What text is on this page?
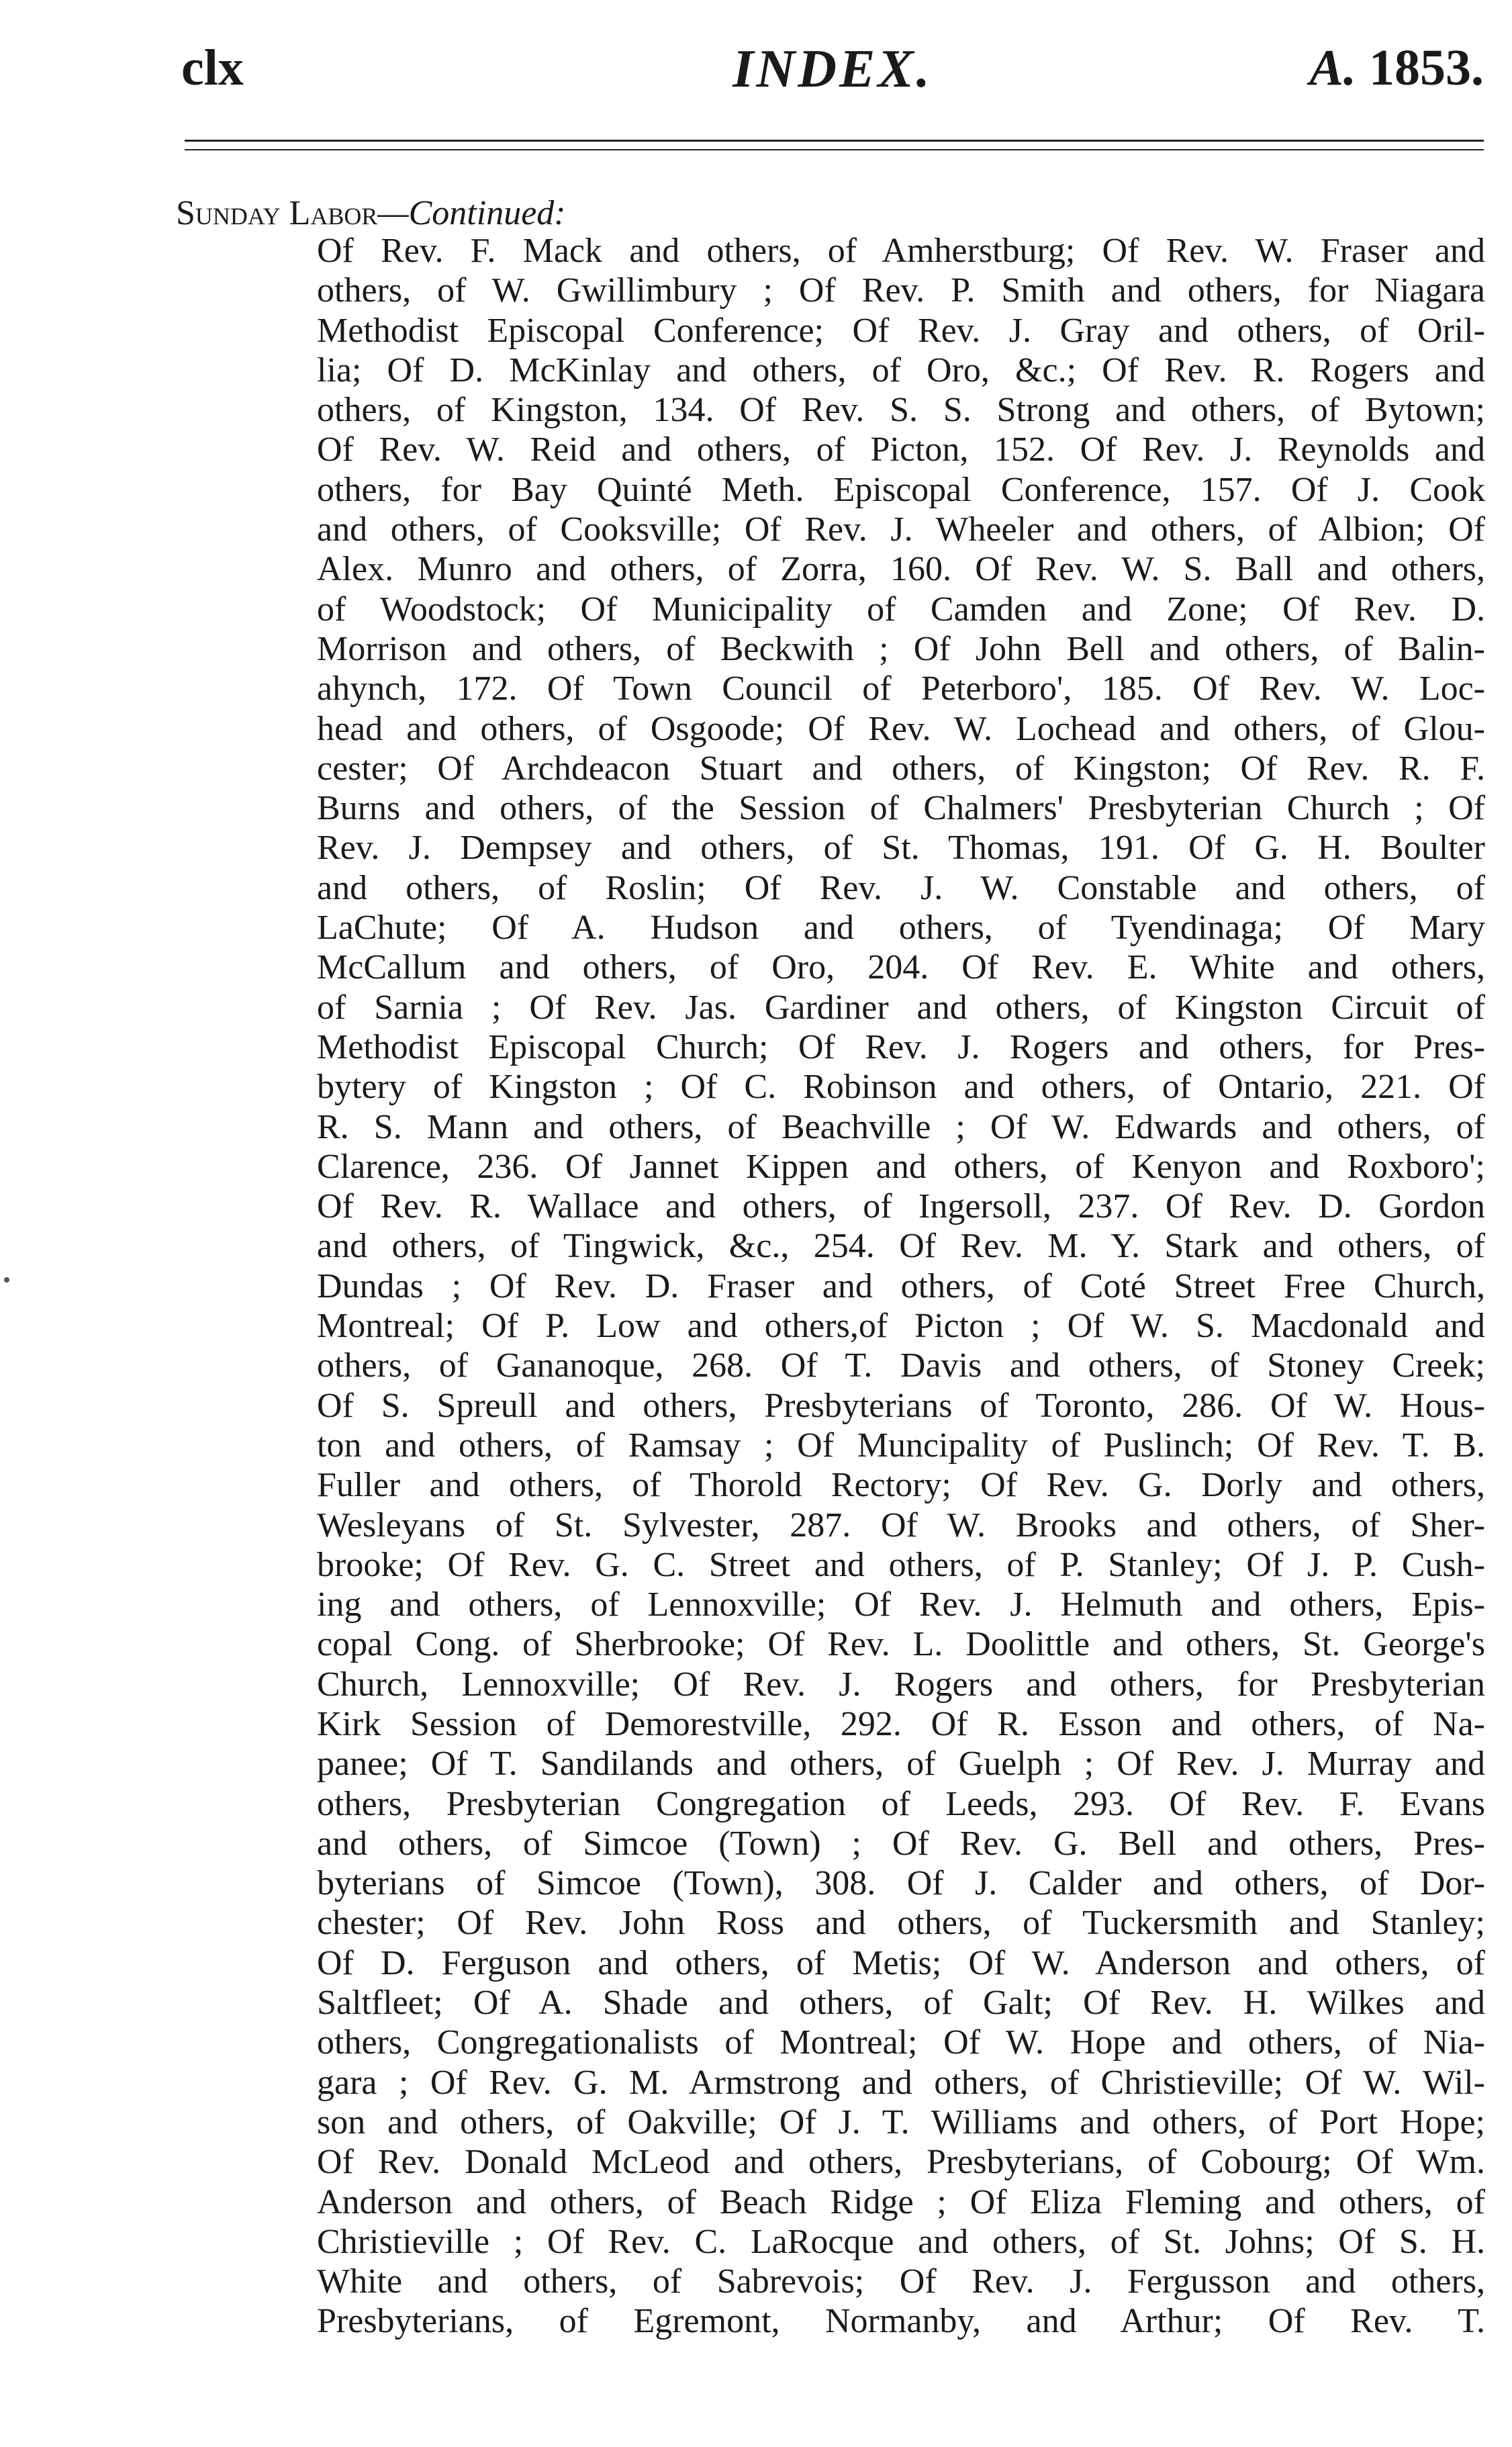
clx	INDEX.	A. 1853.
Sunday Labor—Continued:
Of Rev. F. Mack and others, of Amherstburg; Of Rev. W. Fraser and
others, of W. Gwillimbury ; Of Rev. P. Smith and others, for Niagara
Methodist Episcopal Conference; Of Rev. J. Gray and others, of Oril-
lia; Of D. McKinlay and others, of Oro, &c.; Of Rev. R. Rogers and
others, of Kingston, 134. Of Rev. S. S. Strong and others, of Bytown;
Of Rev. W. Reid and others, of Picton, 152. Of Rev. J. Reynolds and
others, for Bay Quinté Meth. Episcopal Conference, 157. Of J. Cook
and others, of Cooksville; Of Rev. J. Wheeler and others, of Albion; Of
Alex. Munro and others, of Zorra, 160. Of Rev. W. S. Ball and others,
of Woodstock; Of Municipality of Camden and Zone; Of Rev. D.
Morrison and others, of Beckwith ; Of John Bell and others, of Balin-
ahynch, 172. Of Town Council of Peterboro', 185. Of Rev. W. Loc-
head and others, of Osgoode; Of Rev. W. Lochead and others, of Glou-
cester; Of Archdeacon Stuart and others, of Kingston; Of Rev. R. F.
Burns and others, of the Session of Chalmers' Presbyterian Church ; Of
Rev. J. Dempsey and others, of St. Thomas, 191. Of G. H. Boulter
and others, of Roslin; Of Rev. J. W. Constable and others, of
LaChute; Of A. Hudson and others, of Tyendinaga; Of Mary
McCallum and others, of Oro, 204. Of Rev. E. White and others,
of Sarnia ; Of Rev. Jas. Gardiner and others, of Kingston Circuit of
Methodist Episcopal Church; Of Rev. J. Rogers and others, for Pres-
bytery of Kingston ; Of C. Robinson and others, of Ontario, 221. Of
R. S. Mann and others, of Beachville ; Of W. Edwards and others, of
Clarence, 236. Of Jannet Kippen and others, of Kenyon and Roxboro';
Of Rev. R. Wallace and others, of Ingersoll, 237. Of Rev. D. Gordon
and others, of Tingwick, &c., 254. Of Rev. M. Y. Stark and others, of
Dundas ; Of Rev. D. Fraser and others, of Coté Street Free Church,
Montreal; Of P. Low and others,of Picton ; Of W. S. Macdonald and
others, of Gananoque, 268. Of T. Davis and others, of Stoney Creek;
Of S. Spreull and others, Presbyterians of Toronto, 286. Of W. Hous-
ton and others, of Ramsay ; Of Muncipality of Puslinch; Of Rev. T. B.
Fuller and others, of Thorold Rectory; Of Rev. G. Dorly and others,
Wesleyans of St. Sylvester, 287. Of W. Brooks and others, of Sher-
brooke; Of Rev. G. C. Street and others, of P. Stanley; Of J. P. Cush-
ing and others, of Lennoxville; Of Rev. J. Helmuth and others, Epis-
copal Cong. of Sherbrooke; Of Rev. L. Doolittle and others, St. George's
Church, Lennoxville; Of Rev. J. Rogers and others, for Presbyterian
Kirk Session of Demorestville, 292. Of R. Esson and others, of Na-
panee; Of T. Sandilands and others, of Guelph ; Of Rev. J. Murray and
others, Presbyterian Congregation of Leeds, 293. Of Rev. F. Evans
and others, of Simcoe (Town) ; Of Rev. G. Bell and others, Pres-
byterians of Simcoe (Town), 308. Of J. Calder and others, of Dor-
chester; Of Rev. John Ross and others, of Tuckersmith and Stanley;
Of D. Ferguson and others, of Metis; Of W. Anderson and others, of
Saltfleet; Of A. Shade and others, of Galt; Of Rev. H. Wilkes and
others, Congregationalists of Montreal; Of W. Hope and others, of Nia-
gara ; Of Rev. G. M. Armstrong and others, of Christieville; Of W. Wil-
son and others, of Oakville; Of J. T. Williams and others, of Port Hope;
Of Rev. Donald McLeod and others, Presbyterians, of Cobourg; Of Wm.
Anderson and others, of Beach Ridge ; Of Eliza Fleming and others, of
Christieville ; Of Rev. C. LaRocque and others, of St. Johns; Of S. H.
White and others, of Sabrevois; Of Rev. J. Fergusson and others,
Presbyterians, of Egremont, Normanby, and Arthur; Of Rev. T.
